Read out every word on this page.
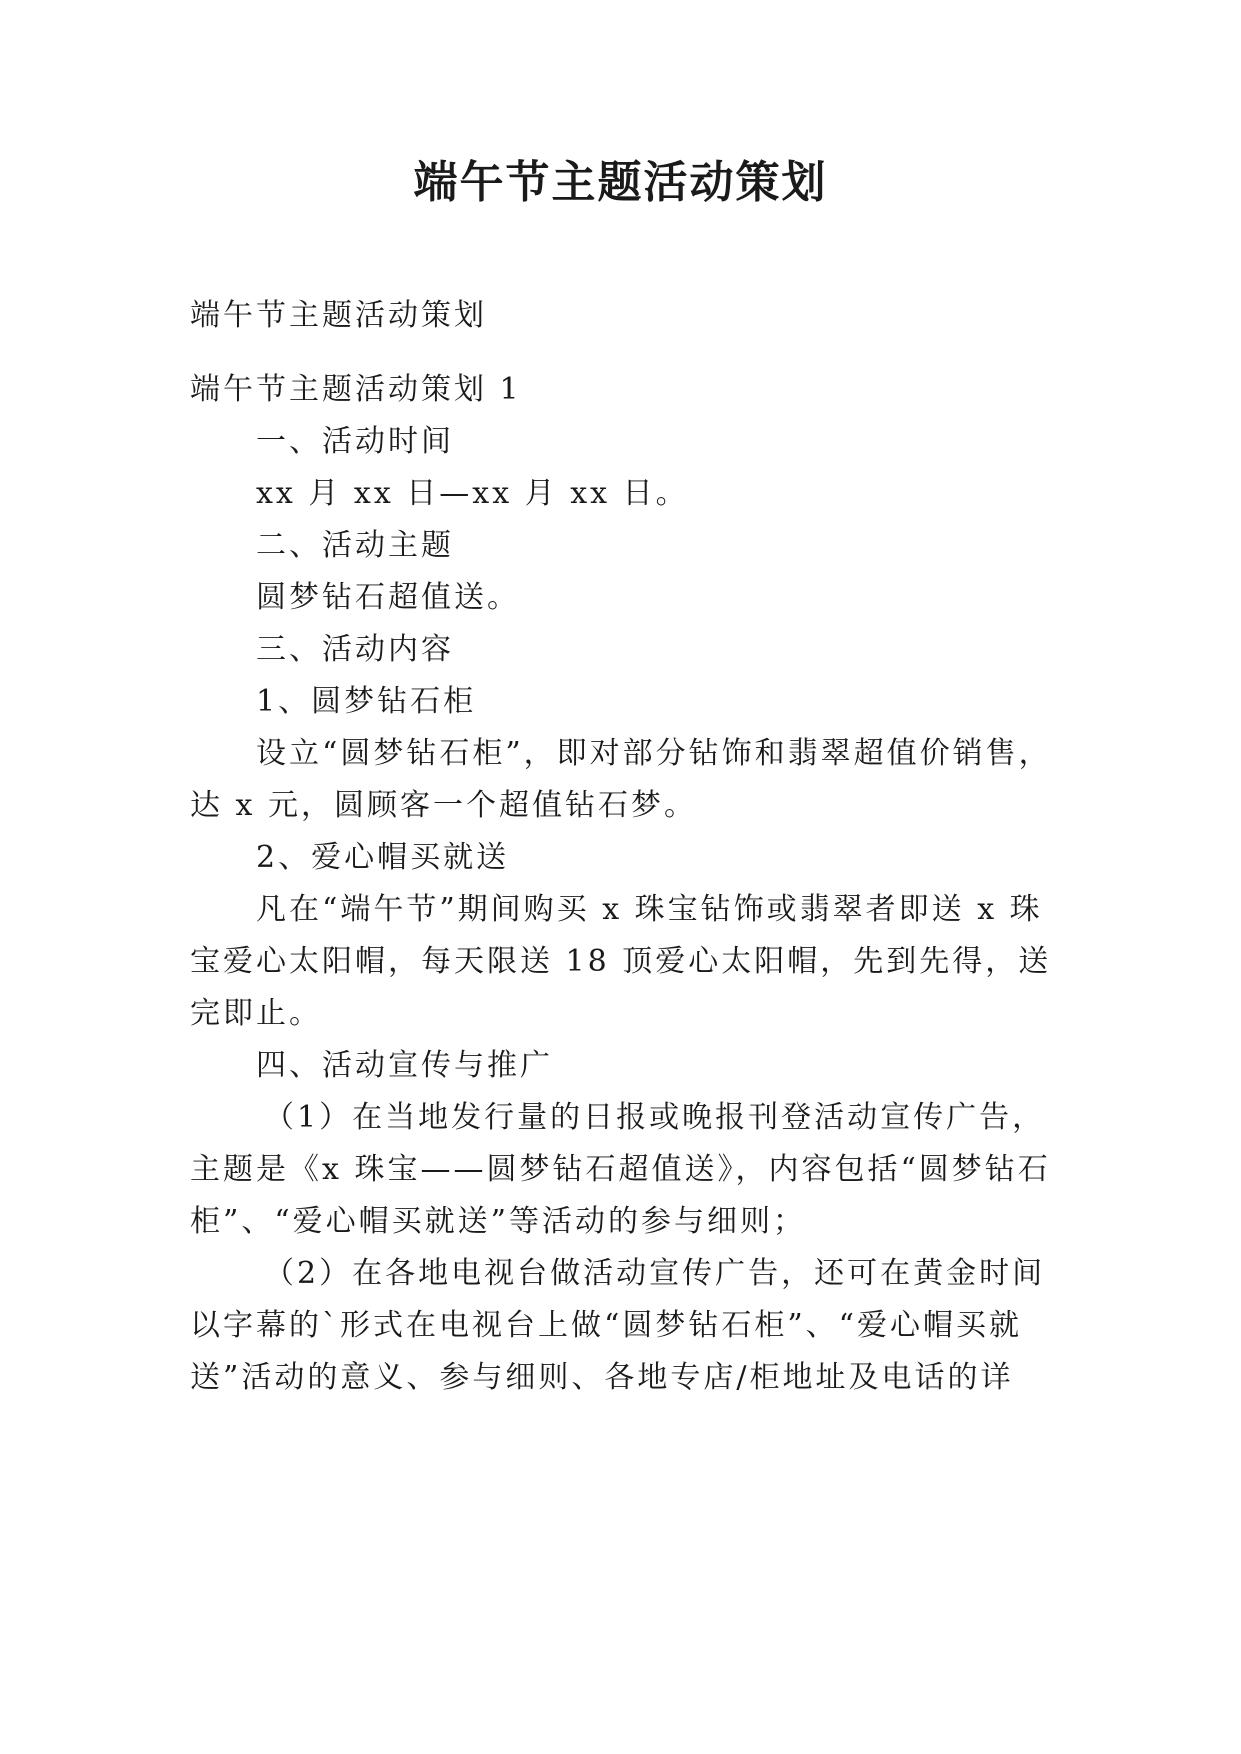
端午节主题活动策划
端午节主题活动策划
端午节主题活动策划 1
一、活动时间
xx 月 xx 日—xx 月 xx 日。
二、活动主题
圆梦钻石超值送。
三、活动内容
1、圆梦钻石柜
设立“圆梦钻石柜”，即对部分钻饰和翡翠超值价销售，
达 x 元，圆顾客一个超值钻石梦。
2、爱心帽买就送
凡在“端午节”期间购买 x 珠宝钻饰或翡翠者即送 x 珠
宝爱心太阳帽，每天限送 18 顶爱心太阳帽，先到先得，送
完即止。
四、活动宣传与推广
（1）在当地发行量的日报或晚报刊登活动宣传广告，
主题是《x 珠宝——圆梦钻石超值送》，内容包括“圆梦钻石
柜”、“爱心帽买就送”等活动的参与细则；
（2）在各地电视台做活动宣传广告，还可在黄金时间
以字幕的`形式在电视台上做“圆梦钻石柜”、“爱心帽买就
送”活动的意义、参与细则、各地专店/柜地址及电话的详
